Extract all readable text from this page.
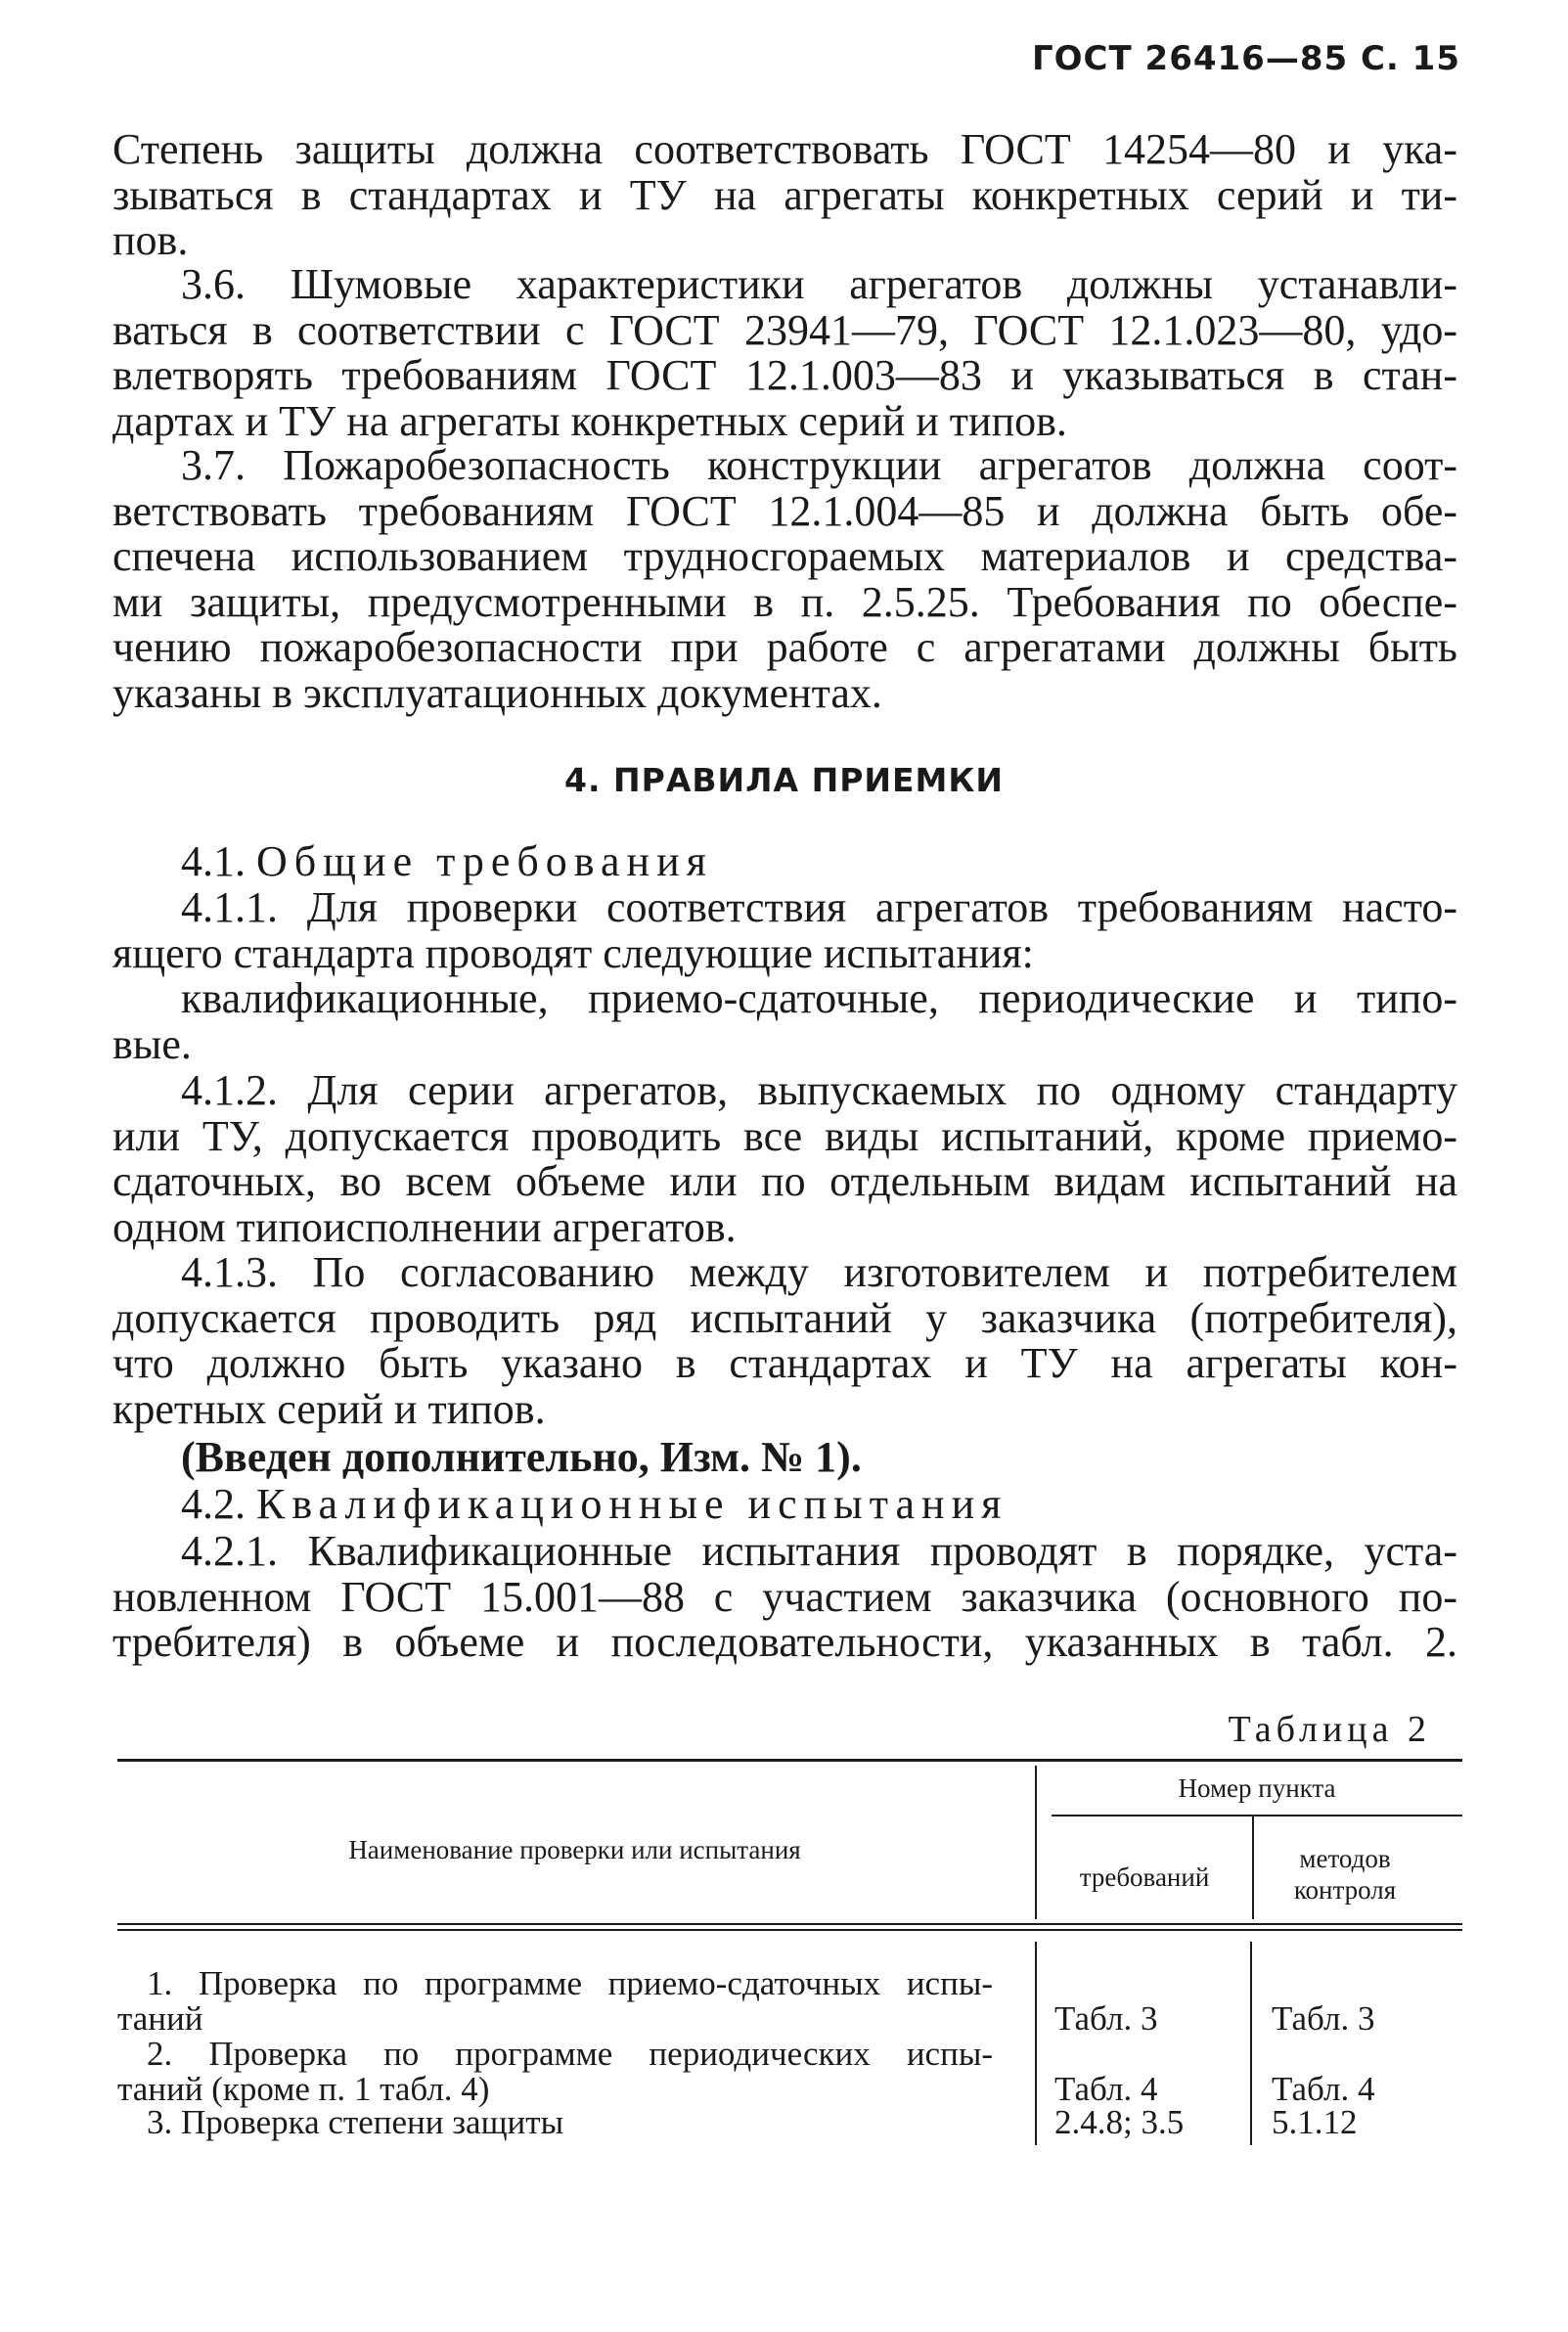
ГОСТ 26416—85 С. 15
Степень защиты должна соответствовать ГОСТ 14254—80 и ука-
зываться в стандартах и ТУ на агрегаты конкретных серий и ти-
пов.
3.6. Шумовые характеристики агрегатов должны устанавли-
ваться в соответствии с ГОСТ 23941—79, ГОСТ 12.1.023—80, удо-
влетворять требованиям ГОСТ 12.1.003—83 и указываться в стан-
дартах и ТУ на агрегаты конкретных серий и типов.
3.7. Пожаробезопасность конструкции агрегатов должна соот-
ветствовать требованиям ГОСТ 12.1.004—85 и должна быть обе-
спечена использованием трудносгораемых материалов и средства-
ми защиты, предусмотренными в п. 2.5.25. Требования по обеспе-
чению пожаробезопасности при работе с агрегатами должны быть
указаны в эксплуатационных документах.
4. ПРАВИЛА ПРИЕМКИ
4.1. Общие требования
4.1.1. Для проверки соответствия агрегатов требованиям насто-
ящего стандарта проводят следующие испытания:
квалификационные, приемо-сдаточные, периодические и типо-
вые.
4.1.2. Для серии агрегатов, выпускаемых по одному стандарту
или ТУ, допускается проводить все виды испытаний, кроме приемо-
сдаточных, во всем объеме или по отдельным видам испытаний на
одном типоисполнении агрегатов.
4.1.3. По согласованию между изготовителем и потребителем
допускается проводить ряд испытаний у заказчика (потребителя),
что должно быть указано в стандартах и ТУ на агрегаты кон-
кретных серий и типов.
(Введен дополнительно, Изм. № 1).
4.2. Квалификационные испытания
4.2.1. Квалификационные испытания проводят в порядке, уста-
новленном ГОСТ 15.001—88 с участием заказчика (основного по-
требителя) в объеме и последовательности, указанных в табл. 2.
Таблица 2
Наименование проверки или испытания
Номер пункта
требований
методов контроля
1. Проверка по программе приемо-сдаточных испы-
таний	Табл. 3	Табл. 3
2. Проверка по программе периодических испы-
таний (кроме п. 1 табл. 4)	Табл. 4	Табл. 4
3. Проверка степени защиты	2.4.8; 3.5	5.1.12
